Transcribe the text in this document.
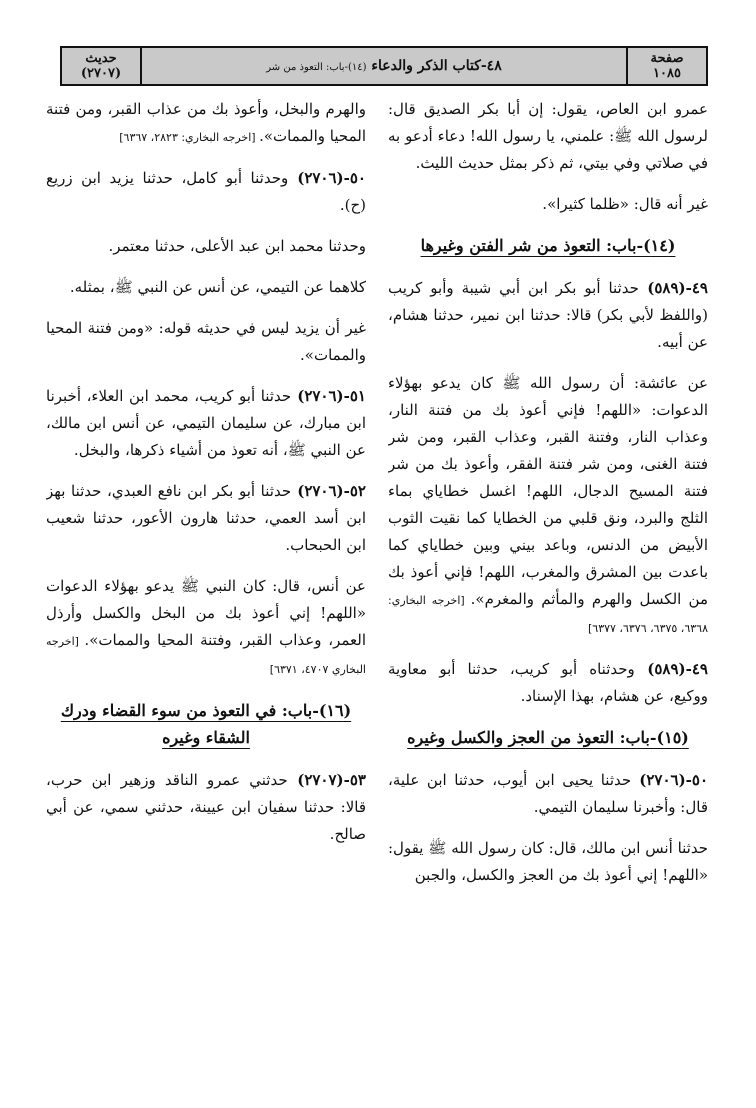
صفحة
١٠٨٥
٤٨-كتاب الذكر والدعاء (١٤)-باب: التعوذ من شر
حديث
(٢٧٠٧)
عمرو ابن العاص، يقول: إن أبا بكر الصديق قال: لرسول الله ﷺ: علمني، يا رسول الله! دعاء أدعو به في صلاتي وفي بيتي، ثم ذكر بمثل حديث الليث.
غير أنه قال: «ظلما كثيرا».
(١٤)-باب: التعوذ من شر الفتن وغيرها
٤٩-(٥٨٩) حدثنا أبو بكر ابن أبي شيبة وأبو كريب (واللفظ لأبي بكر) قالا: حدثنا ابن نمير، حدثنا هشام، عن أبيه.
عن عائشة: أن رسول الله ﷺ كان يدعو بهؤلاء الدعوات: «اللهم! فإني أعوذ بك من فتنة النار، وعذاب النار، وفتنة القبر، وعذاب القبر، ومن شر فتنة الغنى، ومن شر فتنة الفقر، وأعوذ بك من شر فتنة المسيح الدجال، اللهم! اغسل خطاياي بماء الثلج والبرد، ونق قلبي من الخطايا كما نقيت الثوب الأبيض من الدنس، وباعد بيني وبين خطاياي كما باعدت بين المشرق والمغرب، اللهم! فإني أعوذ بك من الكسل والهرم والمأثم والمغرم». [اخرجه البخاري: ٦٣٦٨، ٦٣٧٥، ٦٣٧٦، ٦٣٧٧]
٤٩-(٥٨٩) وحدثناه أبو كريب، حدثنا أبو معاوية ووكيع، عن هشام، بهذا الإسناد.
(١٥)-باب: التعوذ من العجز والكسل وغيره
٥٠-(٢٧٠٦) حدثنا يحيى ابن أيوب، حدثنا ابن علية، قال: وأخبرنا سليمان التيمي.
حدثنا أنس ابن مالك، قال: كان رسول الله ﷺ يقول: «اللهم! إني أعوذ بك من العجز والكسل، والجبن
والهرم والبخل، وأعوذ بك من عذاب القبر، ومن فتنة المحيا والممات». [اخرجه البخاري: ٢٨٢٣، ٦٣٦٧]
٥٠-(٢٧٠٦) وحدثنا أبو كامل، حدثنا يزيد ابن زريع (ح).
وحدثنا محمد ابن عبد الأعلى، حدثنا معتمر.
كلاهما عن التيمي، عن أنس عن النبي ﷺ، بمثله.
غير أن يزيد ليس في حديثه قوله: «ومن فتنة المحيا والممات».
٥١-(٢٧٠٦) حدثنا أبو كريب، محمد ابن العلاء، أخبرنا ابن مبارك، عن سليمان التيمي، عن أنس ابن مالك، عن النبي ﷺ، أنه تعوذ من أشياء ذكرها، والبخل.
٥٢-(٢٧٠٦) حدثنا أبو بكر ابن نافع العبدي، حدثنا بهز ابن أسد العمي، حدثنا هارون الأعور، حدثنا شعيب ابن الحبحاب.
عن أنس، قال: كان النبي ﷺ يدعو بهؤلاء الدعوات «اللهم! إني أعوذ بك من البخل والكسل وأرذل العمر، وعذاب القبر، وفتنة المحيا والممات». [اخرجه البخاري ٤٧٠٧، ٦٣٧١]
(١٦)-باب: في التعوذ من سوء القضاء ودرك الشقاء وغيره
٥٣-(٢٧٠٧) حدثني عمرو الناقد وزهير ابن حرب، قالا: حدثنا سفيان ابن عيينة، حدثني سمي، عن أبي صالح.
